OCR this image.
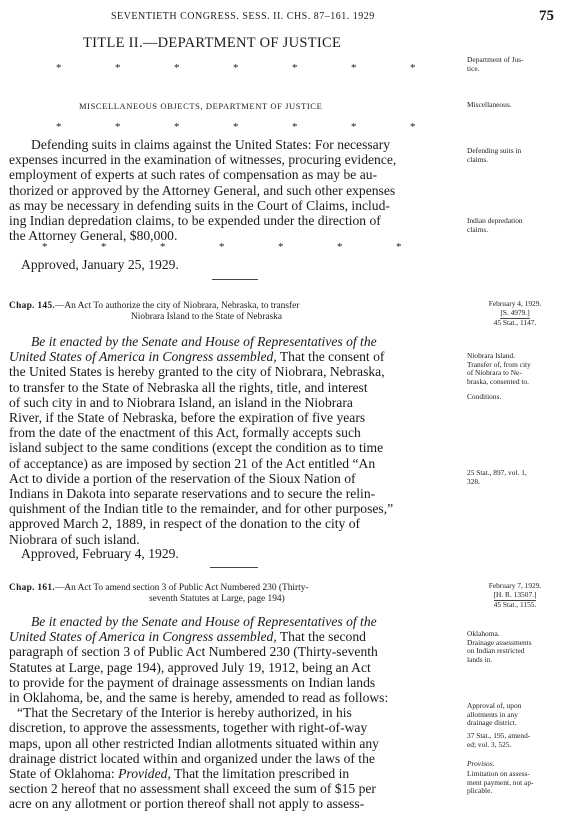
SEVENTIETH CONGRESS. SESS. II. CHS. 87–161. 1929	75
TITLE II.—DEPARTMENT OF JUSTICE
*	*	*	*	*	*	*
MISCELLANEOUS OBJECTS, DEPARTMENT OF JUSTICE
*	*	*	*	*	*	*
Defending suits in claims against the United States: For necessary
expenses incurred in the examination of witnesses, procuring evidence,
employment of experts at such rates of compensation as may be au-
thorized or approved by the Attorney General, and such other expenses
as may be necessary in defending suits in the Court of Claims, includ-
ing Indian depredation claims, to be expended under the direction of
the Attorney General, $80,000.
*	*	*	*	*	*	*
Approved, January 25, 1929.
Chap. 145.—An Act To authorize the city of Niobrara, Nebraska, to transfer
Niobrara Island to the State of Nebraska
Be it enacted by the Senate and House of Representatives of the
United States of America in Congress assembled, That the consent of
the United States is hereby granted to the city of Niobrara, Nebraska,
to transfer to the State of Nebraska all the rights, title, and interest
of such city in and to Niobrara Island, an island in the Niobrara
River, if the State of Nebraska, before the expiration of five years
from the date of the enactment of this Act, formally accepts such
island subject to the same conditions (except the condition as to time
of acceptance) as are imposed by section 21 of the Act entitled “An
Act to divide a portion of the reservation of the Sioux Nation of
Indians in Dakota into separate reservations and to secure the relin-
quishment of the Indian title to the remainder, and for other purposes,”
approved March 2, 1889, in respect of the donation to the city of
Niobrara of such island.
Approved, February 4, 1929.
Chap. 161.—An Act To amend section 3 of Public Act Numbered 230 (Thirty-
seventh Statutes at Large, page 194)
Be it enacted by the Senate and House of Representatives of the
United States of America in Congress assembled, That the second
paragraph of section 3 of Public Act Numbered 230 (Thirty-seventh
Statutes at Large, page 194), approved July 19, 1912, being an Act
to provide for the payment of drainage assessments on Indian lands
in Oklahoma, be, and the same is hereby, amended to read as follows:
“That the Secretary of the Interior is hereby authorized, in his
discretion, to approve the assessments, together with right-of-way
maps, upon all other restricted Indian allotments situated within any
drainage district located within and organized under the laws of the
State of Oklahoma: Provided, That the limitation prescribed in
section 2 hereof that no assessment shall exceed the sum of $15 per
acre on any allotment or portion thereof shall not apply to assess-
Department of Jus-
tice.
Miscellaneous.
Defending suits in
claims.
Indian depredation
claims.
February 4, 1929.
[S. 4979.]
45 Stat., 1147.
Niobrara Island.
Transfer of, from city
of Niobrara to Ne-
braska, consented to.
Conditions.
25 Stat., 897, vol. 1,
328.
February 7, 1929.
[H. R. 13507.]
45 Stat., 1155.
Oklahoma.
Drainage assessments
on Indian restricted
lands in.
Approval of, upon
allotments in any
drainage district.
37 Stat., 195, amend-
ed; vol. 3, 525.
Provisos.
Limitation on assess-
ment payment, not ap-
plicable.
